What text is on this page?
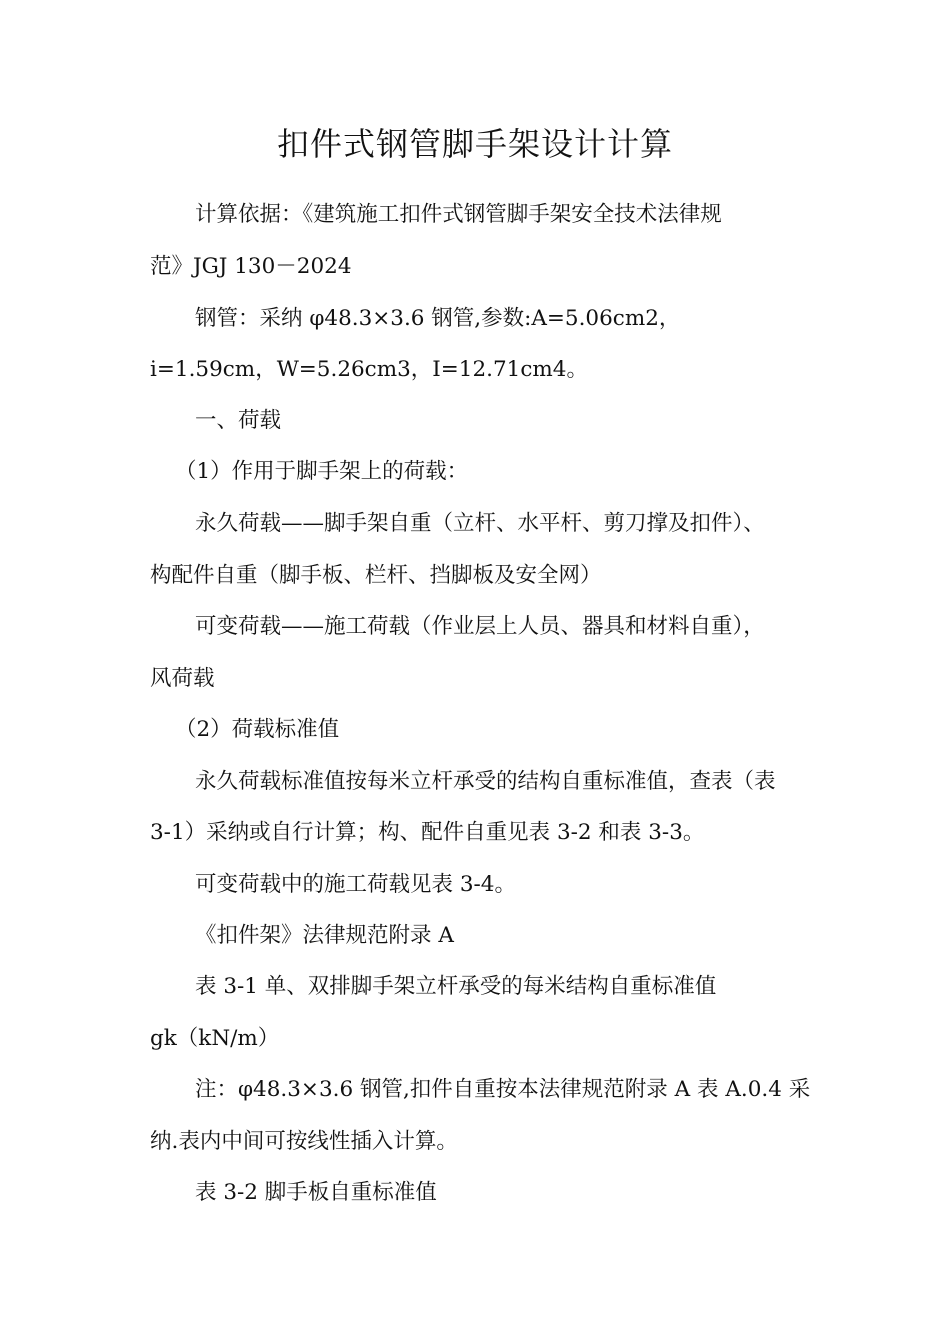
扣件式钢管脚手架设计计算

计算依据：《建筑施工扣件式钢管脚手架安全技术法律规

范》JGJ 130－2024

钢管：采纳 φ48.3×3.6 钢管,参数:A=5.06cm2，

i=1.59cm，W=5.26cm3，I=12.71cm4。

一、荷载

（1）作用于脚手架上的荷载：

永久荷载——脚手架自重（立杆、水平杆、剪刀撑及扣件）、

构配件自重（脚手板、栏杆、挡脚板及安全网）

可变荷载——施工荷载（作业层上人员、器具和材料自重），

风荷载

（2）荷载标准值

永久荷载标准值按每米立杆承受的结构自重标准值，查表（表

3-1）采纳或自行计算；构、配件自重见表 3-2 和表 3-3。

可变荷载中的施工荷载见表 3-4。

《扣件架》法律规范附录 A

表 3-1 单、双排脚手架立杆承受的每米结构自重标准值

gk（kN/m）

注：φ48.3×3.6 钢管,扣件自重按本法律规范附录 A 表 A.0.4 采

纳.表内中间可按线性插入计算。

表 3-2 脚手板自重标准值
